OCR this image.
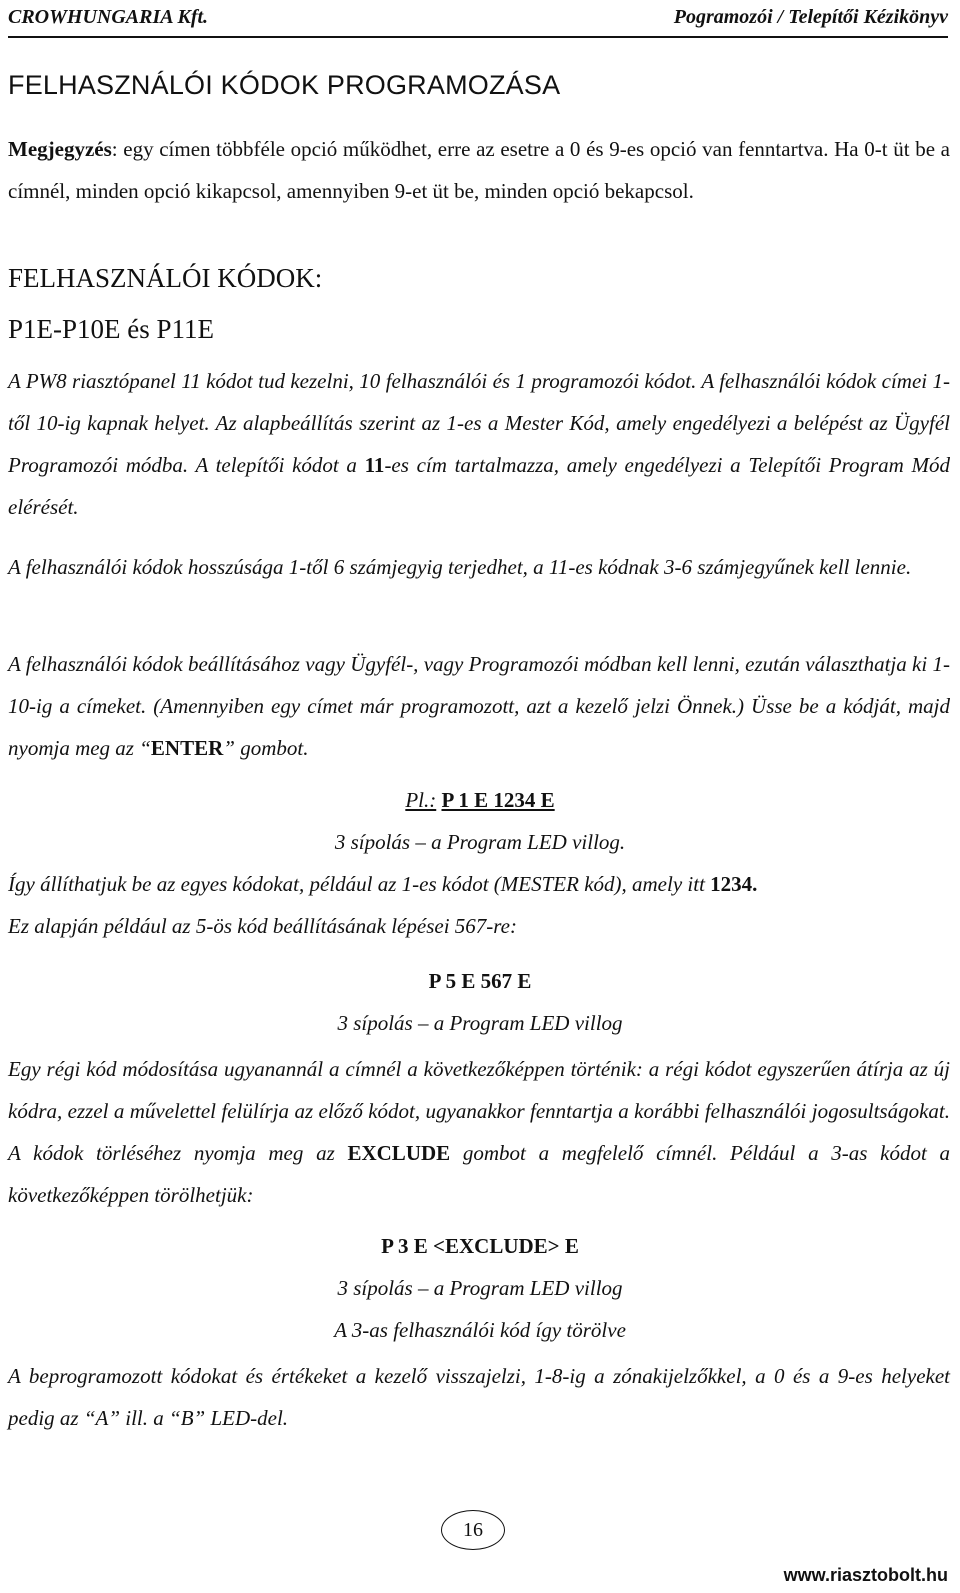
CROWHUNGARIA Kft.	Pogramozói / Telepítői Kézikönyv
FELHASZNÁLÓI KÓDOK PROGRAMOZÁSA
Megjegyzés: egy címen többféle opció működhet, erre az esetre a 0 és 9-es opció van fenntartva. Ha 0-t üt be a címnél, minden opció kikapcsol, amennyiben 9-et üt be, minden opció bekapcsol.
FELHASZNÁLÓI KÓDOK:
P1E-P10E és P11E
A PW8 riasztópanel 11 kódot tud kezelni, 10 felhasználói és 1 programozói kódot. A felhasználói kódok címei 1-től 10-ig kapnak helyet. Az alapbeállítás szerint az 1-es a Mester Kód, amely engedélyezi a belépést az Ügyfél Programozói módba. A telepítői kódot a 11-es cím tartalmazza, amely engedélyezi a Telepítői Program Mód elérését.
A felhasználói kódok hosszúsága 1-től 6 számjegyig terjedhet, a 11-es kódnak 3-6 számjegyűnek kell lennie.
A felhasználói kódok beállításához vagy Ügyfél-, vagy Programozói módban kell lenni, ezután választhatja ki 1-10-ig a címeket. (Amennyiben egy címet már programozott, azt a kezelő jelzi Önnek.) Üsse be a kódját, majd nyomja meg az “ENTER” gombot.
Pl.: P 1 E 1234 E
3 sípolás – a Program LED villog.
Így állíthatjuk be az egyes kódokat, például az 1-es kódot (MESTER kód), amely itt 1234.
Ez alapján például az 5-ös kód beállításának lépései 567-re:
P 5 E 567 E
3 sípolás – a Program LED villog
Egy régi kód módosítása ugyanannál a címnél a következőképpen történik: a régi kódot egyszerűen átírja az új kódra, ezzel a művelettel felülírja az előző kódot, ugyanakkor fenntartja a korábbi felhasználói jogosultságokat. A kódok törléséhez nyomja meg az EXCLUDE gombot a megfelelő címnél. Például a 3-as kódot a következőképpen törölhetjük:
P 3 E <EXCLUDE> E
3 sípolás – a Program LED villog
A 3-as felhasználói kód így törölve
A beprogramozott kódokat és értékeket a kezelő visszajelzi, 1-8-ig a zónakijelzőkkel, a 0 és a 9-es helyeket pedig az “A” ill. a “B” LED-del.
16
www.riasztobolt.hu
